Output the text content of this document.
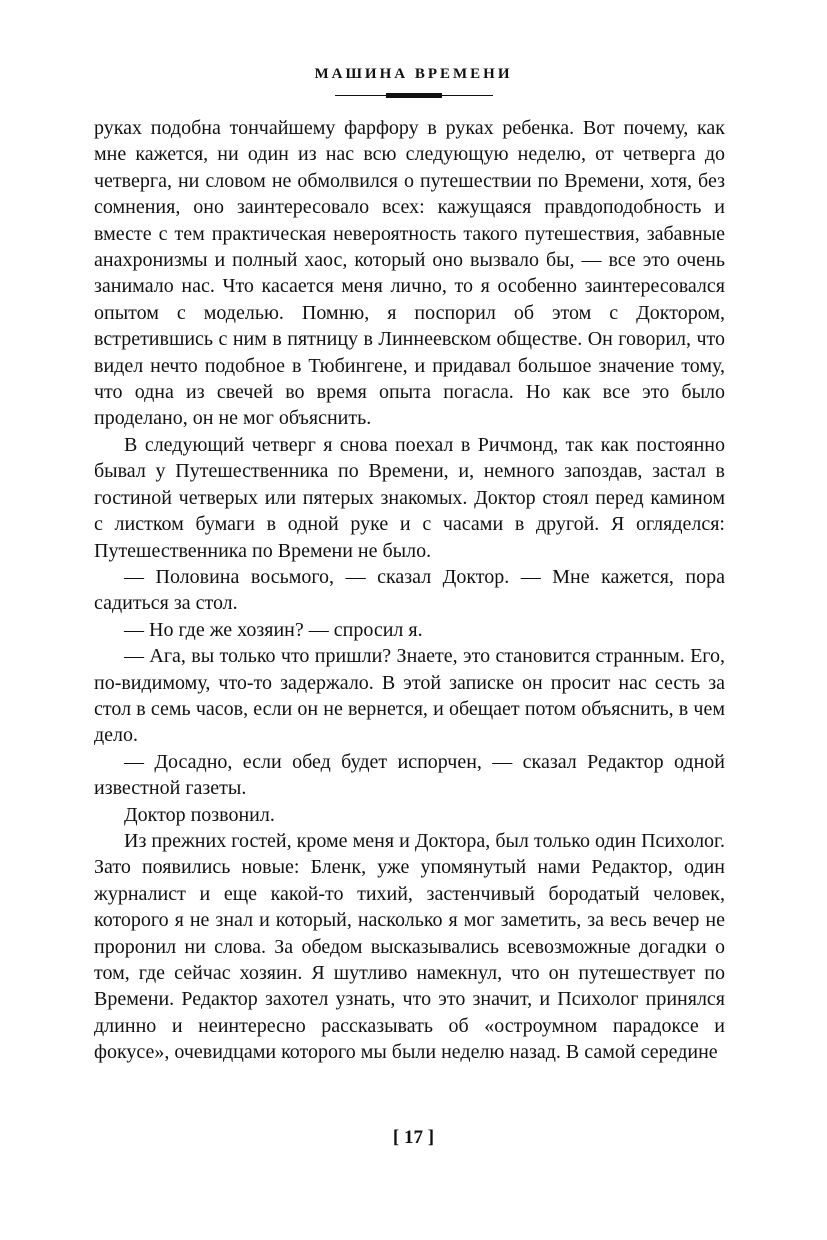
МАШИНА ВРЕМЕНИ

руках подобна тончайшему фарфору в руках ребенка. Вот почему, как мне кажется, ни один из нас всю следующую неделю, от четверга до четверга, ни словом не обмолвился о путешествии по Времени, хотя, без сомнения, оно заинтересовало всех: кажущаяся правдоподобность и вместе с тем практическая невероятность такого путешествия, забавные анахронизмы и полный хаос, который оно вызвало бы, — все это очень занимало нас. Что касается меня лично, то я особенно заинтересовался опытом с моделью. Помню, я поспорил об этом с Доктором, встретившись с ним в пятницу в Линнеевском обществе. Он говорил, что видел нечто подобное в Тюбингене, и придавал большое значение тому, что одна из свечей во время опыта погасла. Но как все это было проделано, он не мог объяснить.

В следующий четверг я снова поехал в Ричмонд, так как постоянно бывал у Путешественника по Времени, и, немного запоздав, застал в гостиной четверых или пятерых знакомых. Доктор стоял перед камином с листком бумаги в одной руке и с часами в другой. Я огляделся: Путешественника по Времени не было.

— Половина восьмого, — сказал Доктор. — Мне кажется, пора садиться за стол.

— Но где же хозяин? — спросил я.

— Ага, вы только что пришли? Знаете, это становится странным. Его, по-видимому, что-то задержало. В этой записке он просит нас сесть за стол в семь часов, если он не вернется, и обещает потом объяснить, в чем дело.

— Досадно, если обед будет испорчен, — сказал Редактор одной известной газеты.

Доктор позвонил.

Из прежних гостей, кроме меня и Доктора, был только один Психолог. Зато появились новые: Бленк, уже упомянутый нами Редактор, один журналист и еще какой-то тихий, застенчивый бородатый человек, которого я не знал и который, насколько я мог заметить, за весь вечер не проронил ни слова. За обедом высказывались всевозможные догадки о том, где сейчас хозяин. Я шутливо намекнул, что он путешествует по Времени. Редактор захотел узнать, что это значит, и Психолог принялся длинно и неинтересно рассказывать об «остроумном парадоксе и фокусе», очевидцами которого мы были неделю назад. В самой середине

[ 17 ]
